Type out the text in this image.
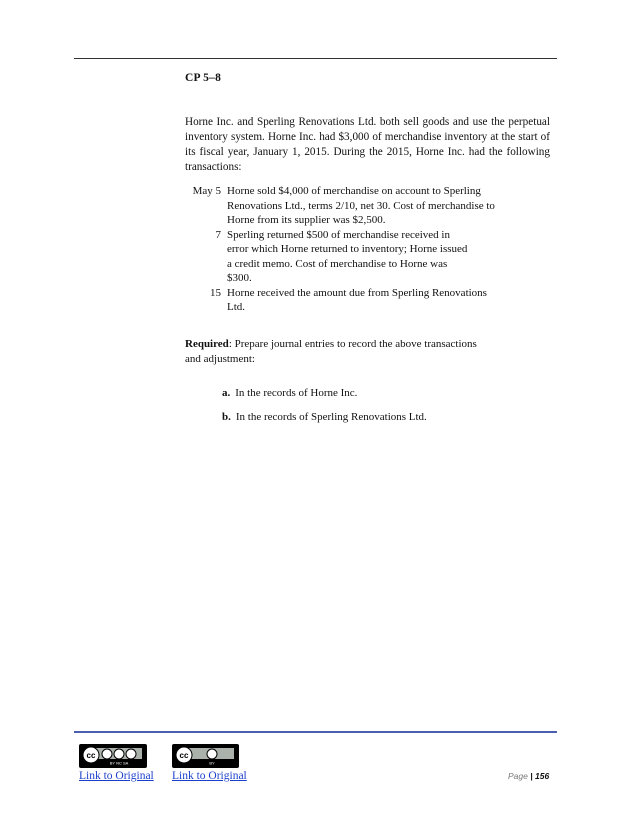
CP 5–8
Horne Inc. and Sperling Renovations Ltd. both sell goods and use the perpetual inventory system. Horne Inc. had $3,000 of merchandise inventory at the start of its fiscal year, January 1, 2015. During the 2015, Horne Inc. had the following transactions:
May 5 Horne sold $4,000 of merchandise on account to Sperling
Renovations Ltd., terms 2/10, net 30. Cost of merchandise to
Horne from its supplier was $2,500.
7 Sperling returned $500 of merchandise received in
error which Horne returned to inventory; Horne issued
a credit memo. Cost of merchandise to Horne was
$300.
15 Horne received the amount due from Sperling Renovations
Ltd.
Required: Prepare journal entries to record the above transactions and adjustment:
a. In the records of Horne Inc.
b. In the records of Sperling Renovations Ltd.
cc
BY NC SA
cc
BY
Link to Original Link to Original	Page | 156
